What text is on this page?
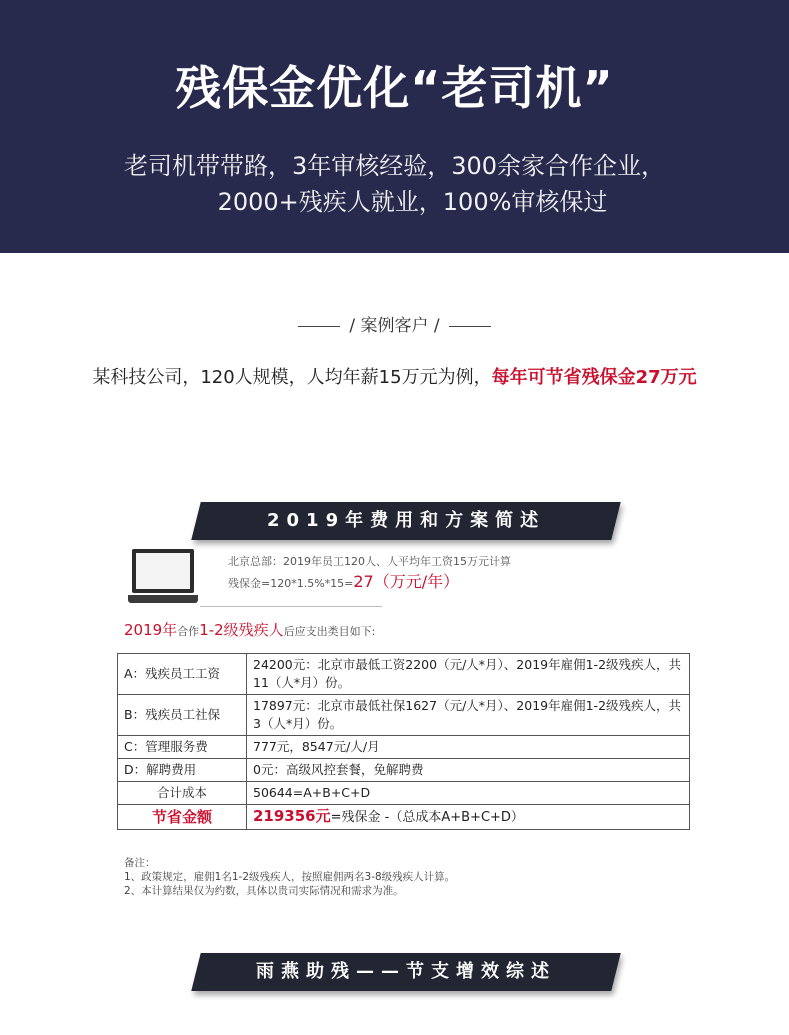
残保金优化“老司机”
老司机带带路，3年审核经验，300余家合作企业，
2000+残疾人就业，100%审核保过
/ 案例客户 /
某科技公司，120人规模，人均年薪15万元为例，每年可节省残保金27万元
2019年费用和方案简述
北京总部：2019年员工120人、人平均年工资15万元计算
残保金=120*1.5%*15=27（万元/年）
2019年合作1-2级残疾人后应支出类目如下:
A：残疾员工工资	24200元：北京市最低工资2200（元/人*月）、2019年雇佣1-2级残疾人，共11（人*月）份。
B：残疾员工社保	17897元：北京市最低社保1627（元/人*月）、2019年雇佣1-2级残疾人，共3（人*月）份。
C：管理服务费	777元，8547元/人/月
D：解聘费用	0元：高级风控套餐，免解聘费
合计成本	50644=A+B+C+D
节省金额	219356元=残保金 -（总成本A+B+C+D）
备注：
1、政策规定，雇佣1名1-2级残疾人，按照雇佣两名3-8级残疾人计算。
2、本计算结果仅为约数，具体以贵司实际情况和需求为准。
雨燕助残——节支增效综述
